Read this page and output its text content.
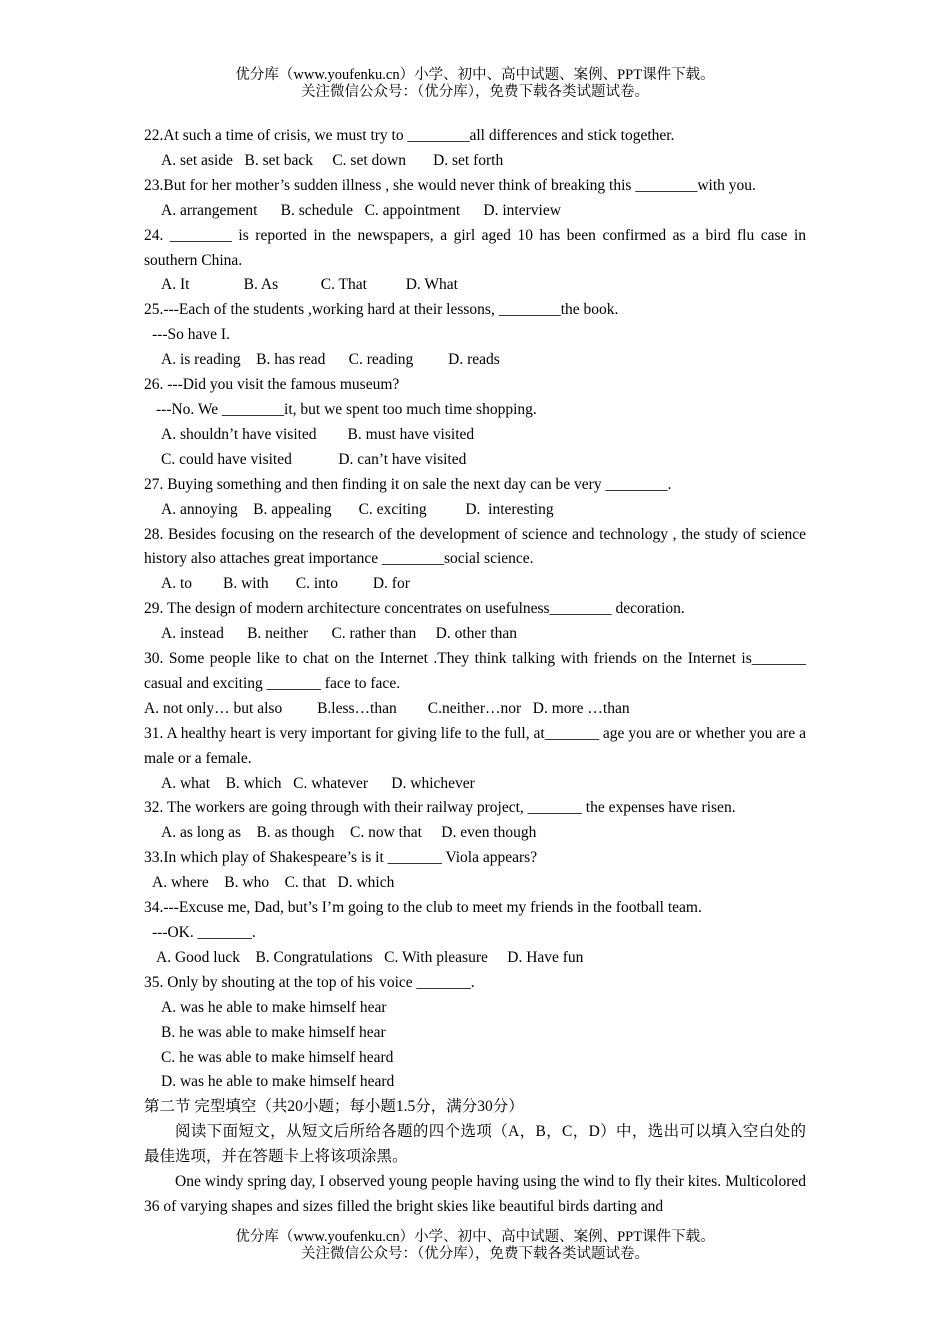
优分库（www.youfenku.cn）小学、初中、高中试题、案例、PPT课件下载。
关注微信公众号：（优分库），免费下载各类试题试卷。

22.At such a time of crisis, we must try to ________all differences and stick together.

A. set aside   B. set back     C. set down       D. set forth

23.But for her mother’s sudden illness , she would never think of breaking this ________with you.

A. arrangement      B. schedule   C. appointment      D. interview

24. ________ is reported in the newspapers, a girl aged 10 has been confirmed as a bird flu case in southern China.

A. It              B. As           C. That          D. What

25.---Each of the students ,working hard at their lessons, ________the book.

---So have I.

A. is reading    B. has read      C. reading         D. reads

26. ---Did you visit the famous museum?

---No. We ________it, but we spent too much time shopping.

A. shouldn’t have visited        B. must have visited

C. could have visited            D. can’t have visited

27. Buying something and then finding it on sale the next day can be very ________.

A. annoying    B. appealing       C. exciting          D.  interesting

28. Besides focusing on the research of the development of science and technology , the study of science history also attaches great importance ________social science.

A. to        B. with       C. into         D. for

29. The design of modern architecture concentrates on usefulness________ decoration.

A. instead      B. neither      C. rather than     D. other than

30. Some people like to chat on the Internet .They think talking with friends on the Internet is_______ casual and exciting _______ face to face.

A. not only… but also         B.less…than        C.neither…nor   D. more …than

31. A healthy heart is very important for giving life to the full, at_______ age you are or whether you are a male or a female.

A. what    B. which   C. whatever      D. whichever

32. The workers are going through with their railway project, _______ the expenses have risen.

A. as long as    B. as though    C. now that     D. even though

33.In which play of Shakespeare’s is it _______ Viola appears?

A. where    B. who    C. that   D. which

34.---Excuse me, Dad, but’s I’m going to the club to meet my friends in the football team.

---OK. _______.

A. Good luck    B. Congratulations   C. With pleasure     D. Have fun

35. Only by shouting at the top of his voice _______.

A. was he able to make himself hear

B. he was able to make himself hear

C. he was able to make himself heard

D. was he able to make himself heard

第二节 完型填空（共20小题；每小题1.5分，满分30分）

阅读下面短文，从短文后所给各题的四个选项（A，B，C，D）中，选出可以填入空白处的最佳选项，并在答题卡上将该项涂黑。

One windy spring day, I observed young people having using the wind to fly their kites. Multicolored 36 of varying shapes and sizes filled the bright skies like beautiful birds darting and

优分库（www.youfenku.cn）小学、初中、高中试题、案例、PPT课件下载。
关注微信公众号：（优分库），免费下载各类试题试卷。
